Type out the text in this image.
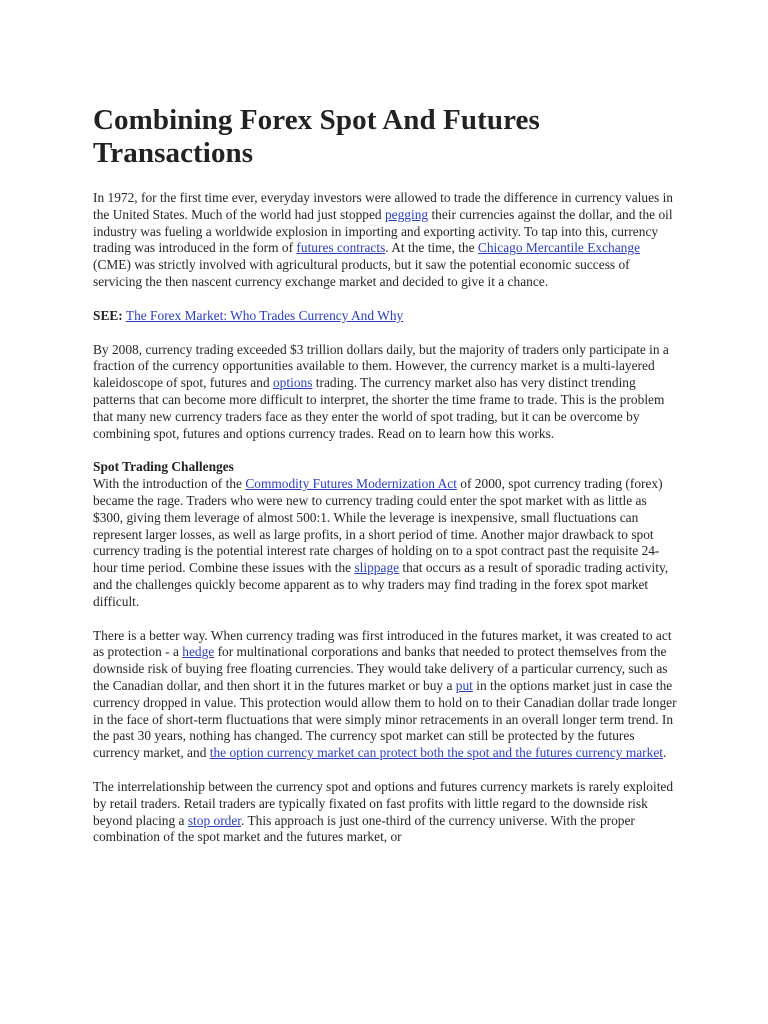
Combining Forex Spot And Futures Transactions

In 1972, for the first time ever, everyday investors were allowed to trade the difference in currency values in the United States. Much of the world had just stopped pegging their currencies against the dollar, and the oil industry was fueling a worldwide explosion in importing and exporting activity. To tap into this, currency trading was introduced in the form of futures contracts. At the time, the Chicago Mercantile Exchange (CME) was strictly involved with agricultural products, but it saw the potential economic success of servicing the then nascent currency exchange market and decided to give it a chance.

SEE: The Forex Market: Who Trades Currency And Why

By 2008, currency trading exceeded $3 trillion dollars daily, but the majority of traders only participate in a fraction of the currency opportunities available to them. However, the currency market is a multi-layered kaleidoscope of spot, futures and options trading. The currency market also has very distinct trending patterns that can become more difficult to interpret, the shorter the time frame to trade. This is the problem that many new currency traders face as they enter the world of spot trading, but it can be overcome by combining spot, futures and options currency trades. Read on to learn how this works.

Spot Trading Challenges

With the introduction of the Commodity Futures Modernization Act of 2000, spot currency trading (forex) became the rage. Traders who were new to currency trading could enter the spot market with as little as $300, giving them leverage of almost 500:1. While the leverage is inexpensive, small fluctuations can represent larger losses, as well as large profits, in a short period of time. Another major drawback to spot currency trading is the potential interest rate charges of holding on to a spot contract past the requisite 24-hour time period. Combine these issues with the slippage that occurs as a result of sporadic trading activity, and the challenges quickly become apparent as to why traders may find trading in the forex spot market difficult.

There is a better way. When currency trading was first introduced in the futures market, it was created to act as protection - a hedge for multinational corporations and banks that needed to protect themselves from the downside risk of buying free floating currencies. They would take delivery of a particular currency, such as the Canadian dollar, and then short it in the futures market or buy a put in the options market just in case the currency dropped in value. This protection would allow them to hold on to their Canadian dollar trade longer in the face of short-term fluctuations that were simply minor retracements in an overall longer term trend. In the past 30 years, nothing has changed. The currency spot market can still be protected by the futures currency market, and the option currency market can protect both the spot and the futures currency market.

The interrelationship between the currency spot and options and futures currency markets is rarely exploited by retail traders. Retail traders are typically fixated on fast profits with little regard to the downside risk beyond placing a stop order. This approach is just one-third of the currency universe. With the proper combination of the spot market and the futures market, or
